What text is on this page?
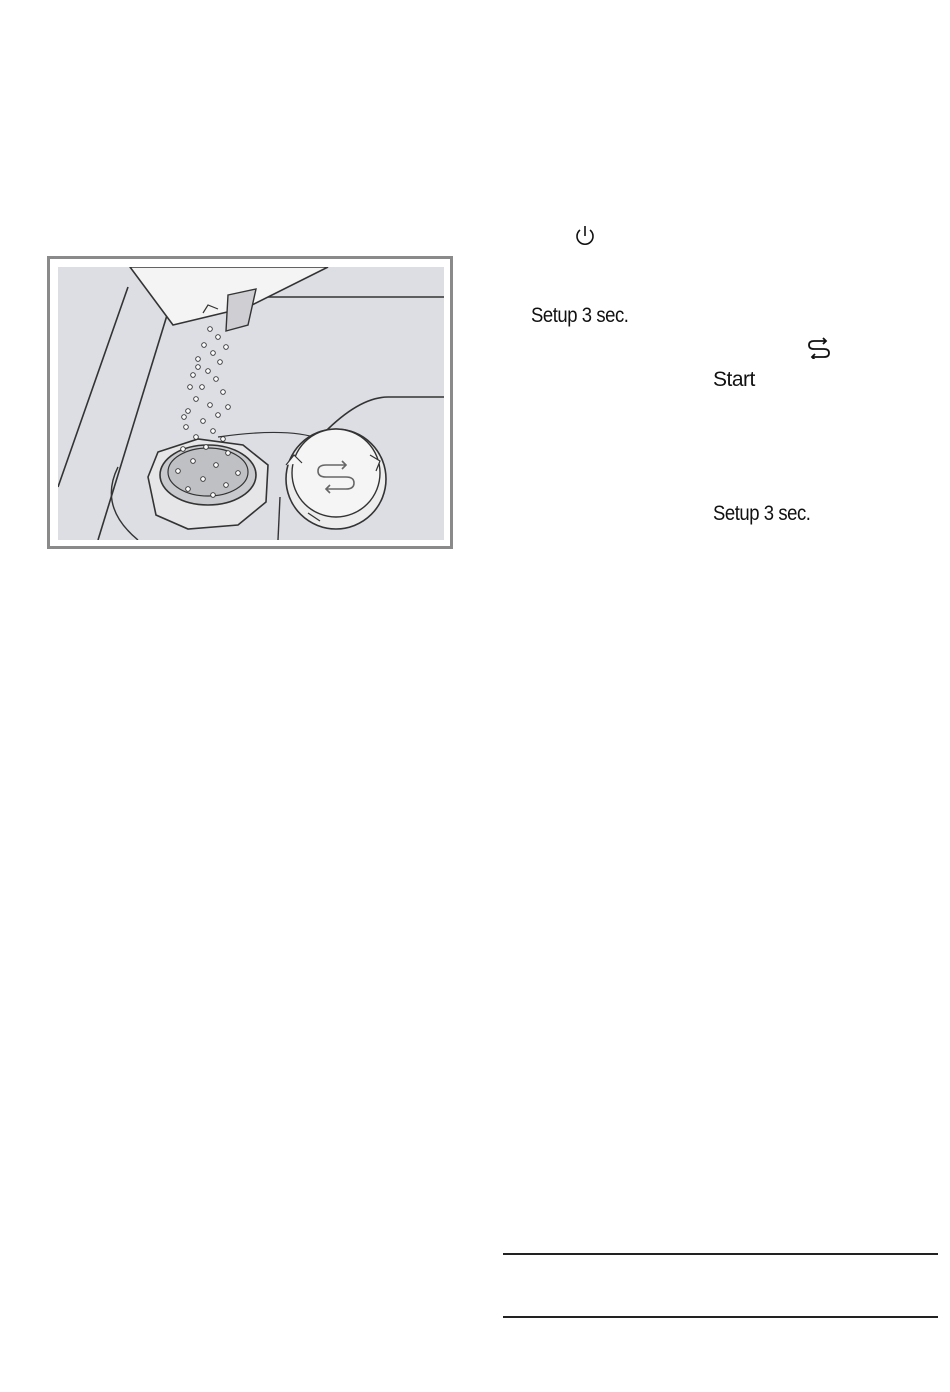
Setup 3 sec.
Start
Setup 3 sec.
